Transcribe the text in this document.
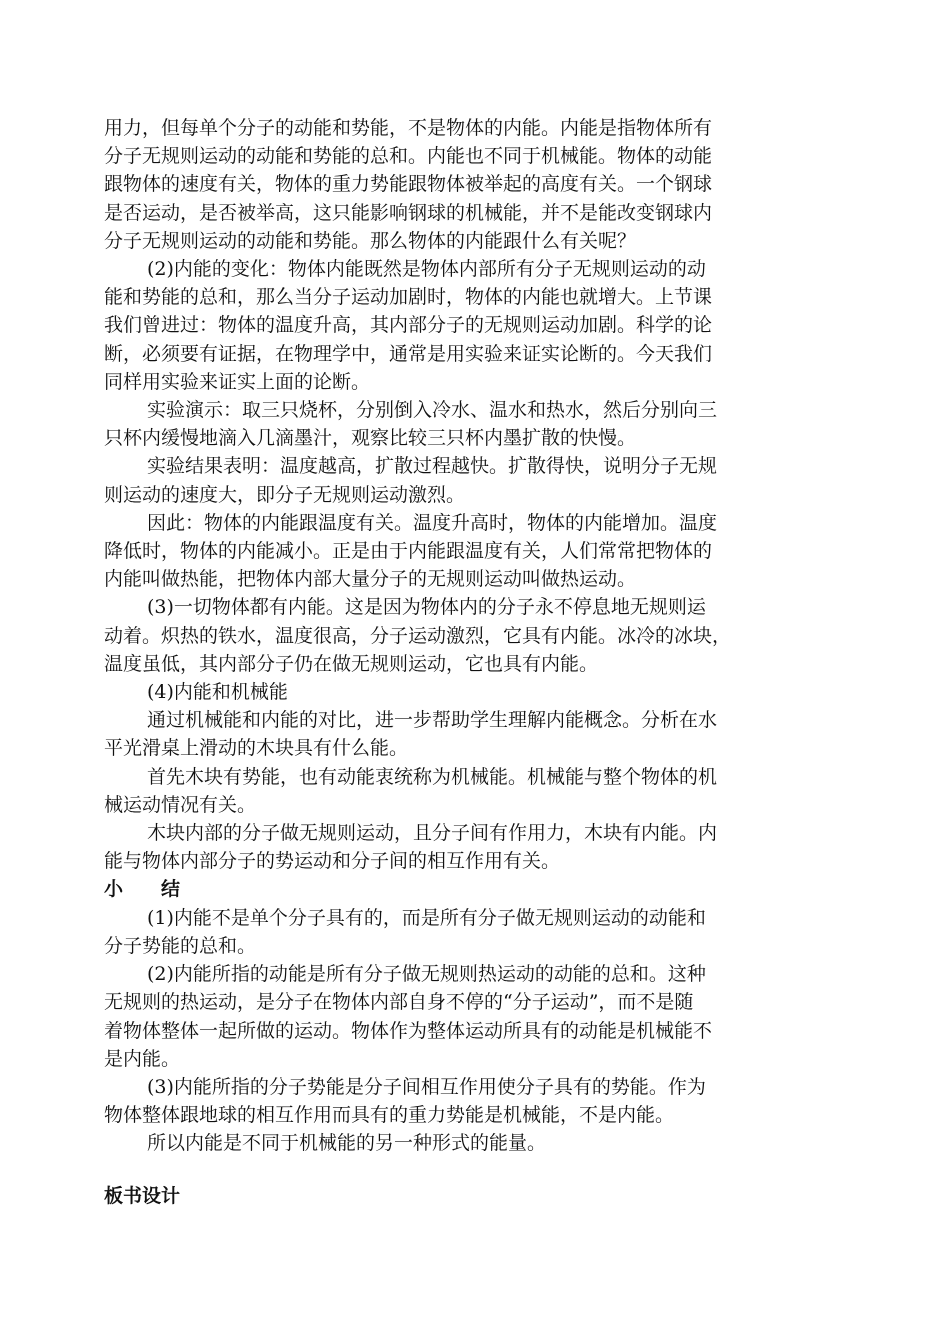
用力，但每单个分子的动能和势能，不是物体的内能。内能是指物体所有
分子无规则运动的动能和势能的总和。内能也不同于机械能。物体的动能
跟物体的速度有关，物体的重力势能跟物体被举起的高度有关。一个钢球
是否运动，是否被举高，这只能影响钢球的机械能，并不是能改变钢球内
分子无规则运动的动能和势能。那么物体的内能跟什么有关呢？
(2)内能的变化：物体内能既然是物体内部所有分子无规则运动的动
能和势能的总和，那么当分子运动加剧时，物体的内能也就增大。上节课
我们曾进过：物体的温度升高，其内部分子的无规则运动加剧。科学的论
断，必须要有证据，在物理学中，通常是用实验来证实论断的。今天我们
同样用实验来证实上面的论断。
实验演示：取三只烧杯，分别倒入冷水、温水和热水，然后分别向三
只杯内缓慢地滴入几滴墨汁，观察比较三只杯内墨扩散的快慢。
实验结果表明：温度越高，扩散过程越快。扩散得快，说明分子无规
则运动的速度大，即分子无规则运动激烈。
因此：物体的内能跟温度有关。温度升高时，物体的内能增加。温度
降低时，物体的内能减小。正是由于内能跟温度有关，人们常常把物体的
内能叫做热能，把物体内部大量分子的无规则运动叫做热运动。
(3)一切物体都有内能。这是因为物体内的分子永不停息地无规则运
动着。炽热的铁水，温度很高，分子运动激烈，它具有内能。冰冷的冰块，
温度虽低，其内部分子仍在做无规则运动，它也具有内能。
(4)内能和机械能
通过机械能和内能的对比，进一步帮助学生理解内能概念。分析在水
平光滑桌上滑动的木块具有什么能。
首先木块有势能，也有动能衷统称为机械能。机械能与整个物体的机
械运动情况有关。
木块内部的分子做无规则运动，且分子间有作用力，木块有内能。内
能与物体内部分子的势运动和分子间的相互作用有关。
小　　结
(1)内能不是单个分子具有的，而是所有分子做无规则运动的动能和
分子势能的总和。
(2)内能所指的动能是所有分子做无规则热运动的动能的总和。这种
无规则的热运动，是分子在物体内部自身不停的“分子运动”，而不是随
着物体整体一起所做的运动。物体作为整体运动所具有的动能是机械能不
是内能。
(3)内能所指的分子势能是分子间相互作用使分子具有的势能。作为
物体整体跟地球的相互作用而具有的重力势能是机械能，不是内能。
所以内能是不同于机械能的另一种形式的能量。
板书设计
